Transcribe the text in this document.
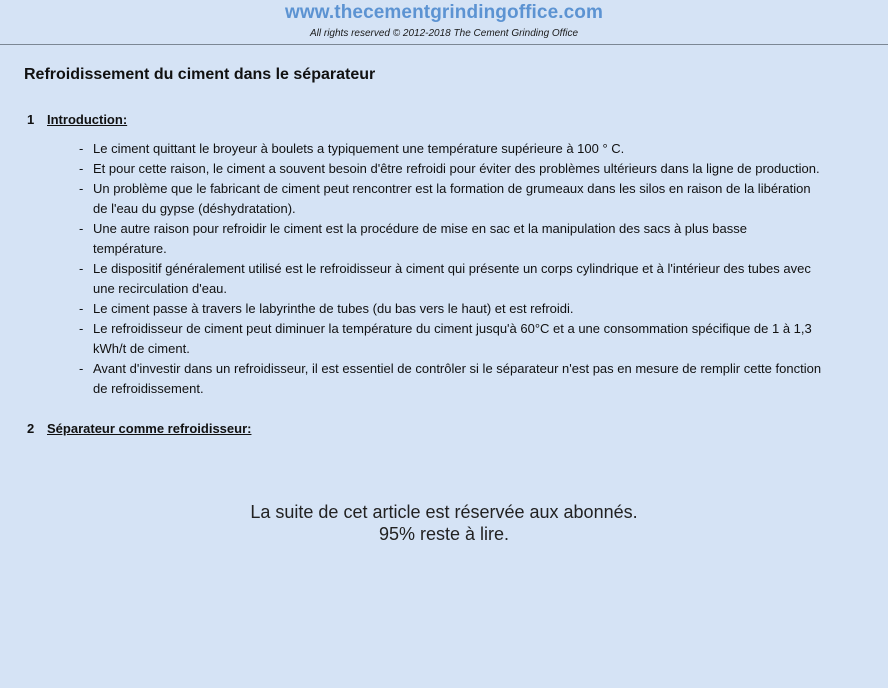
www.thecementgrindingoffice.com
All rights reserved © 2012-2018 The Cement Grinding Office
Refroidissement du ciment dans le séparateur
1 Introduction:
- Le ciment quittant le broyeur à boulets a typiquement une température supérieure à 100 ° C.
- Et pour cette raison, le ciment a souvent besoin d'être refroidi pour éviter des problèmes ultérieurs dans la ligne de production.
- Un problème que le fabricant de ciment peut rencontrer est la formation de grumeaux dans les silos en raison de la libération de l'eau du gypse (déshydratation).
- Une autre raison pour refroidir le ciment est la procédure de mise en sac et la manipulation des sacs à plus basse température.
- Le dispositif généralement utilisé est le refroidisseur à ciment qui présente un corps cylindrique et à l'intérieur des tubes avec une recirculation d'eau.
- Le ciment passe à travers le labyrinthe de tubes (du bas vers le haut) et est refroidi.
- Le refroidisseur de ciment peut diminuer la température du ciment jusqu'à 60°C et a une consommation spécifique de 1 à 1,3 kWh/t de ciment.
- Avant d'investir dans un refroidisseur, il est essentiel de contrôler si le séparateur n'est pas en mesure de remplir cette fonction de refroidissement.
2 Séparateur comme refroidisseur:
La suite de cet article est réservée aux abonnés.
95% reste à lire.
